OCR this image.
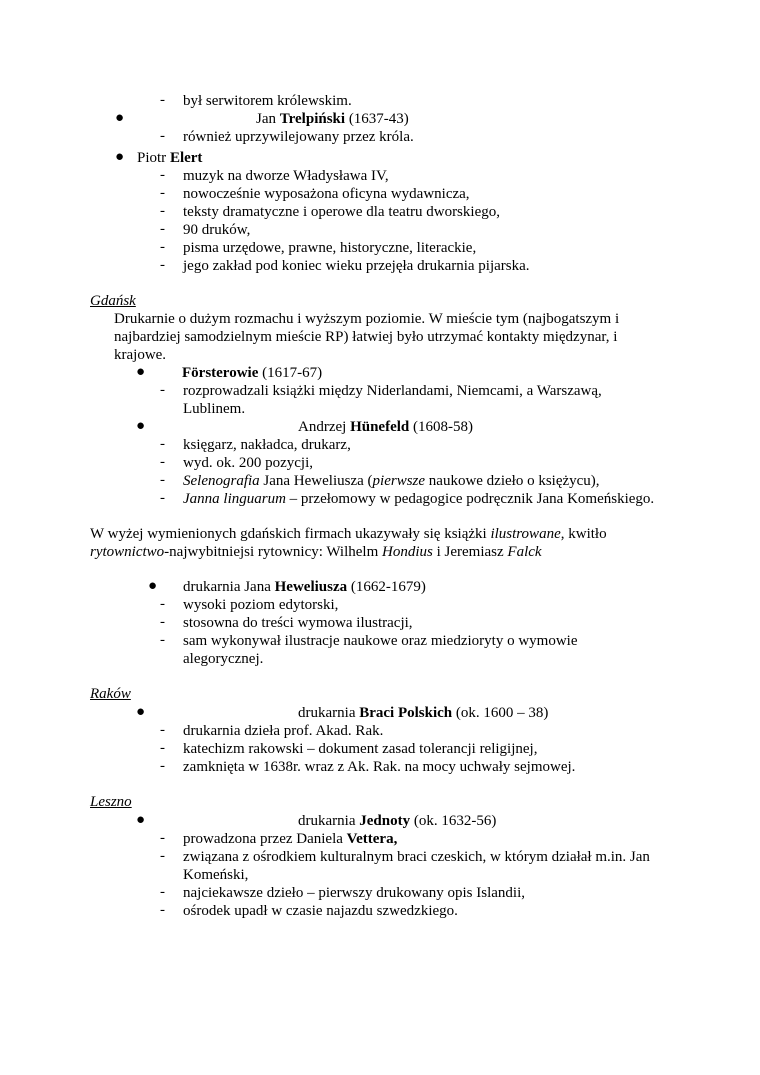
- był serwitorem królewskim.
●	Jan Trelpiński (1637-43)
- również uprzywilejowany przez króla.
● Piotr Elert
- muzyk na dworze Władysława IV,
- nowocześnie wyposażona oficyna wydawnicza,
- teksty dramatyczne i operowe dla teatru dworskiego,
- 90 druków,
- pisma urzędowe, prawne, historyczne, literackie,
- jego zakład pod koniec wieku przejęła drukarnia pijarska.
Gdańsk
Drukarnie o dużym rozmachu i wyższym poziomie. W mieście tym (najbogatszym i
najbardziej samodzielnym mieście RP) łatwiej było utrzymać kontakty międzynar, i
krajowe.
● Försterowie (1617-67)
- rozprowadzali książki między Niderlandami, Niemcami, a Warszawą,
Lublinem.
●	Andrzej Hünefeld (1608-58)
- księgarz, nakładca, drukarz,
- wyd. ok. 200 pozycji,
- Selenografia Jana Heweliusza (pierwsze naukowe dzieło o księżycu),
- Janna linguarum – przełomowy w pedagogice podręcznik Jana Komeńskiego.
W wyżej wymienionych gdańskich firmach ukazywały się książki ilustrowane, kwitło
rytownictwo-najwybitniejsi rytownicy: Wilhelm Hondius i Jeremiasz Falck
● drukarnia Jana Heweliusza (1662-1679)
- wysoki poziom edytorski,
- stosowna do treści wymowa ilustracji,
- sam wykonywał ilustracje naukowe oraz miedzioryty o wymowie
alegorycznej.
Raków
●	drukarnia Braci Polskich (ok. 1600 – 38)
- drukarnia dzieła prof. Akad. Rak.
- katechizm rakowski – dokument zasad tolerancji religijnej,
- zamknięta w 1638r. wraz z Ak. Rak. na mocy uchwały sejmowej.
Leszno
●	drukarnia Jednoty (ok. 1632-56)
- prowadzona przez Daniela Vettera,
- związana z ośrodkiem kulturalnym braci czeskich, w którym działał m.in. Jan
Komeński,
- najciekawsze dzieło – pierwszy drukowany opis Islandii,
- ośrodek upadł w czasie najazdu szwedzkiego.
